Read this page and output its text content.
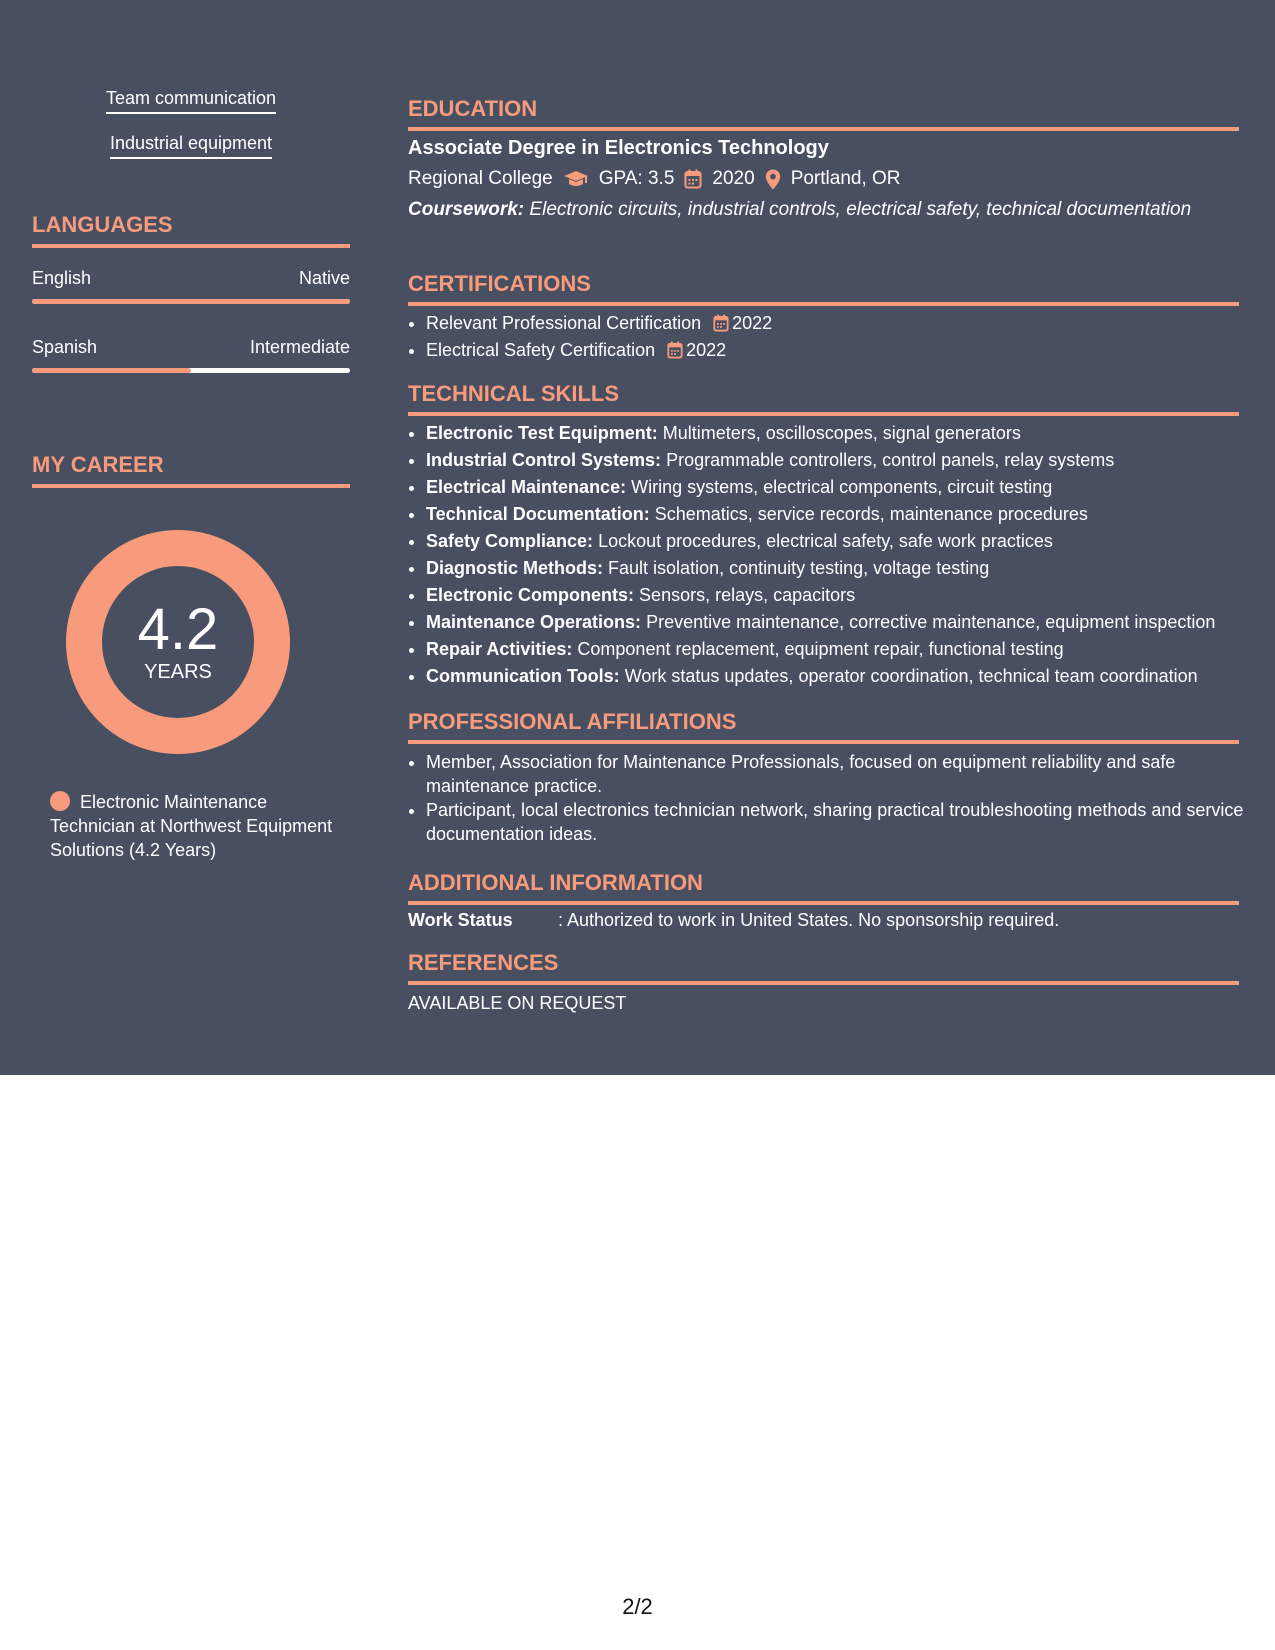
Team communication
Industrial equipment
LANGUAGES
English	Native
Spanish	Intermediate
MY CAREER
4.2
YEARS
Electronic Maintenance Technician at Northwest Equipment Solutions (4.2 Years)
EDUCATION
Associate Degree in Electronics Technology
Regional College GPA: 3.5 2020 Portland, OR
Coursework: Electronic circuits, industrial controls, electrical safety, technical documentation
CERTIFICATIONS
• Relevant Professional Certification 2022
• Electrical Safety Certification 2022
TECHNICAL SKILLS
• Electronic Test Equipment: Multimeters, oscilloscopes, signal generators
• Industrial Control Systems: Programmable controllers, control panels, relay systems
• Electrical Maintenance: Wiring systems, electrical components, circuit testing
• Technical Documentation: Schematics, service records, maintenance procedures
• Safety Compliance: Lockout procedures, electrical safety, safe work practices
• Diagnostic Methods: Fault isolation, continuity testing, voltage testing
• Electronic Components: Sensors, relays, capacitors
• Maintenance Operations: Preventive maintenance, corrective maintenance, equipment inspection
• Repair Activities: Component replacement, equipment repair, functional testing
• Communication Tools: Work status updates, operator coordination, technical team coordination
PROFESSIONAL AFFILIATIONS
• Member, Association for Maintenance Professionals, focused on equipment reliability and safe maintenance practice.
• Participant, local electronics technician network, sharing practical troubleshooting methods and service documentation ideas.
ADDITIONAL INFORMATION
Work Status	: Authorized to work in United States. No sponsorship required.
REFERENCES
AVAILABLE ON REQUEST
2/2
